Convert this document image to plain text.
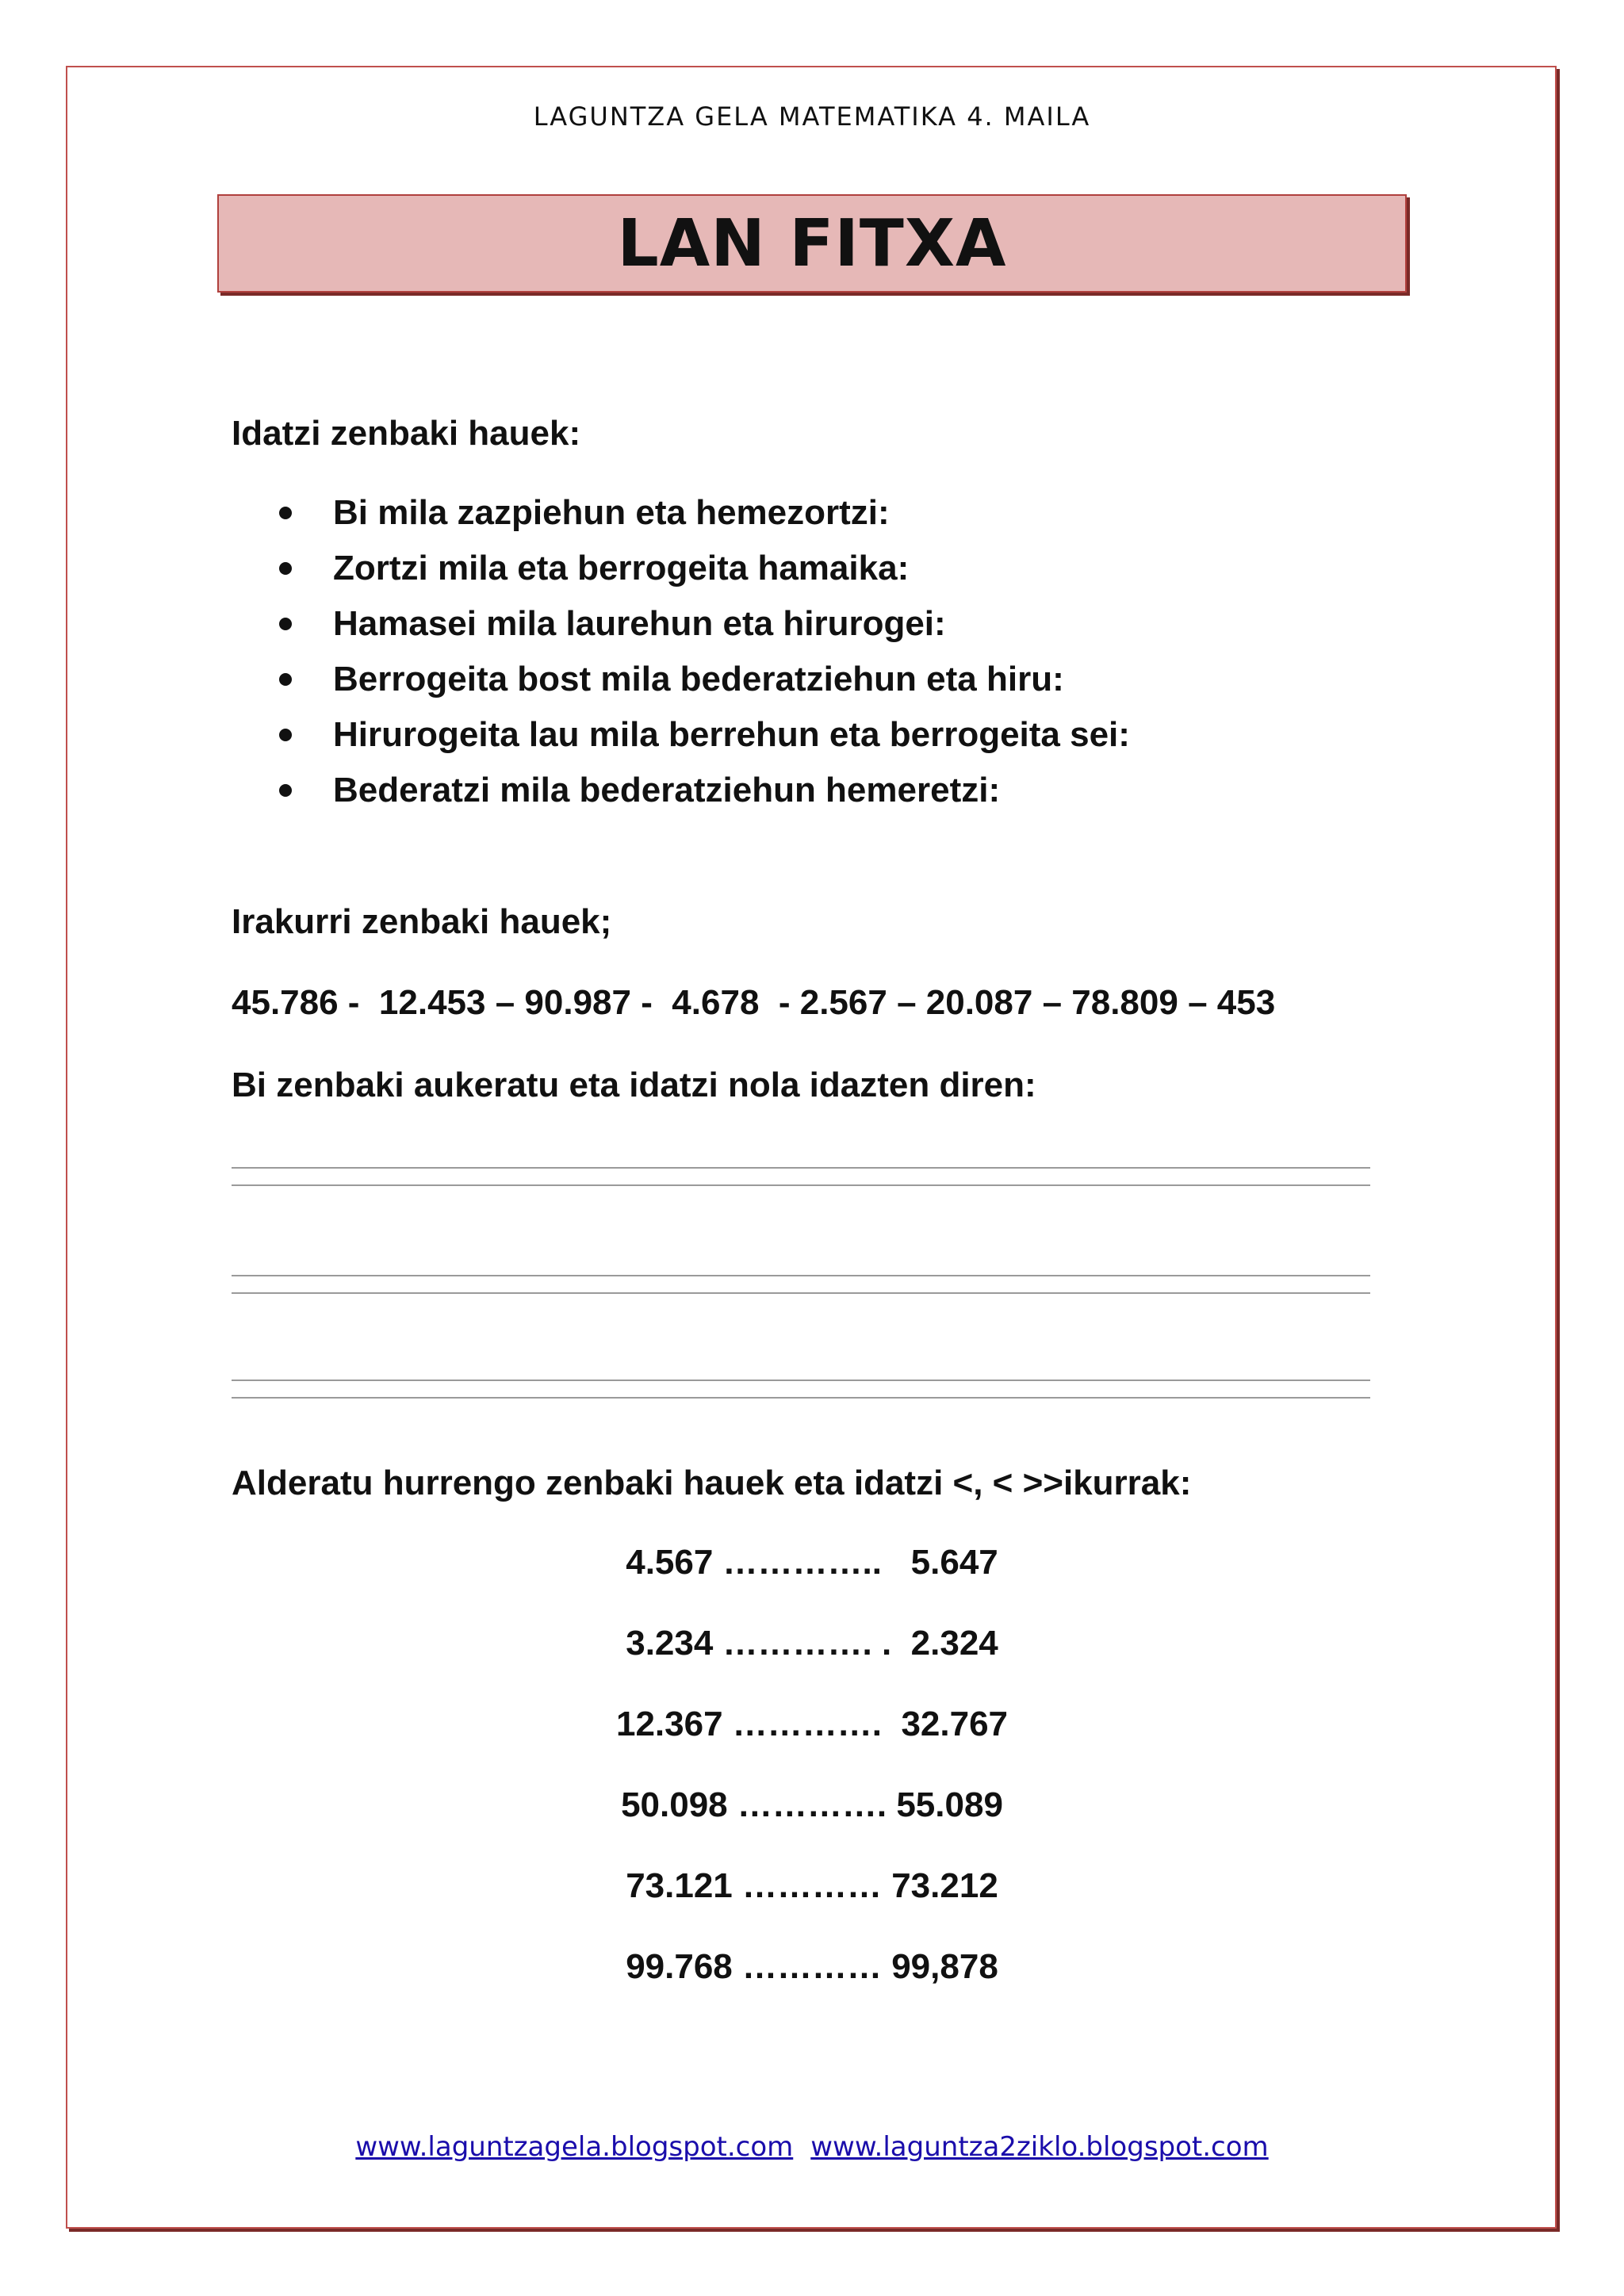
LAGUNTZA GELA MATEMATIKA 4. MAILA
LAN FITXA
Idatzi zenbaki hauek:
Bi mila zazpiehun eta hemezortzi:
Zortzi mila eta berrogeita hamaika:
Hamasei mila laurehun eta hirurogei:
Berrogeita bost mila bederatziehun eta hiru:
Hirurogeita lau mila berrehun eta berrogeita sei:
Bederatzi mila bederatziehun hemeretzi:
Irakurri zenbaki hauek;
45.786 -  12.453 – 90.987 -  4.678  - 2.567 – 20.087 – 78.809 – 453
Bi zenbaki aukeratu eta idatzi nola idazten diren:
Alderatu hurrengo zenbaki hauek eta idatzi <, < >>ikurrak:
4.567 …………..   5.647
3.234 …………. .  2.324
12.367 ………….  32.767
50.098 …………. 55.089
73.121 ………… 73.212
99.768 ………… 99,878
www.laguntzagela.blogspot.com www.laguntza2ziklo.blogspot.com
